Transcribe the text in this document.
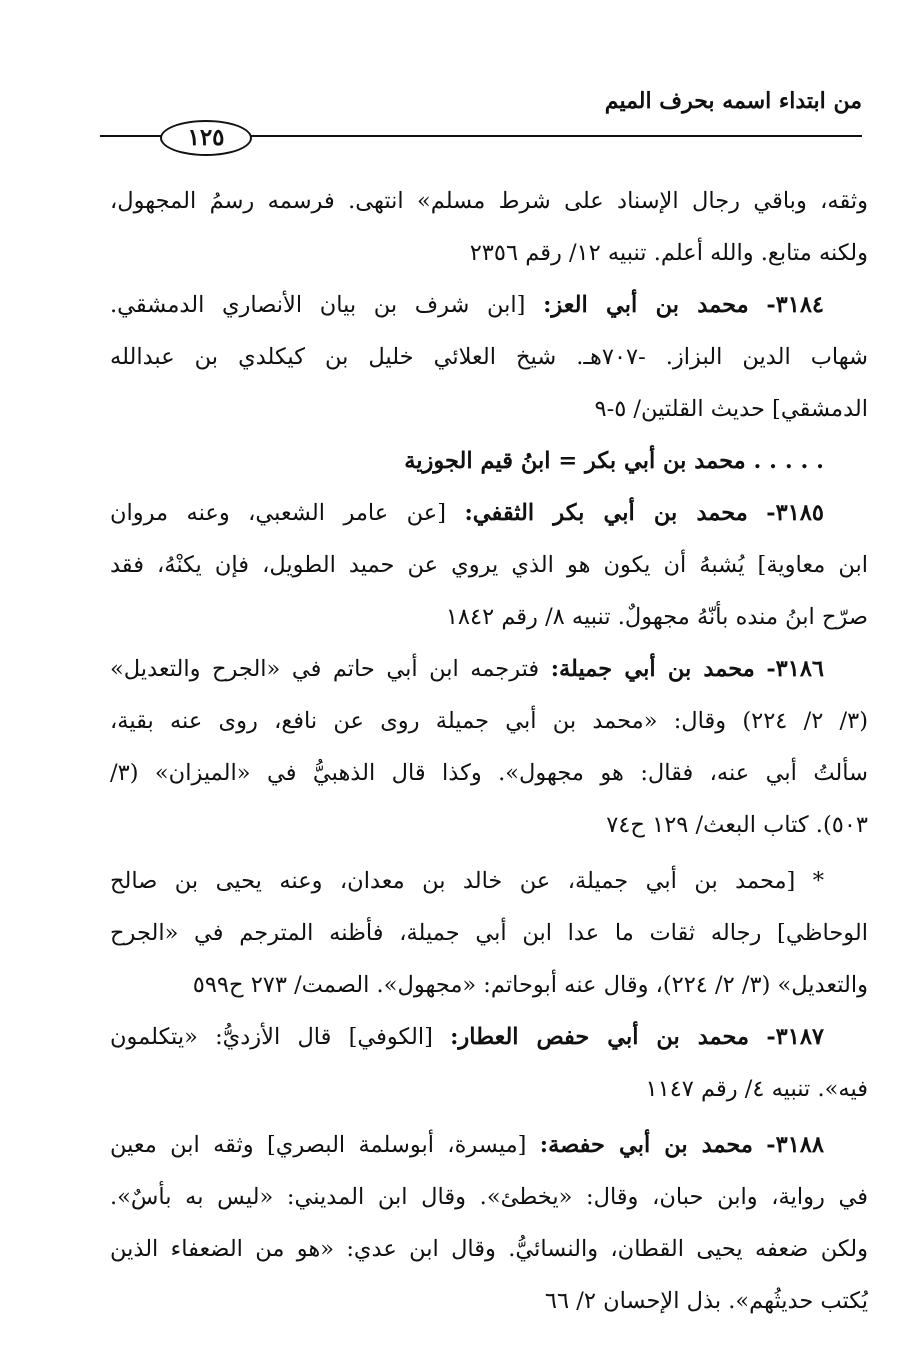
من ابتداء اسمه بحرف الميم
١٢٥
وثقه، وباقي رجال الإسناد على شرط مسلم» انتهى. فرسمه رسمُ المجهول،
ولكنه متابع. والله أعلم. تنبيه ١٢/ رقم ٢٣٥٦
٣١٨٤- محمد بن أبي العز: [ابن شرف بن بيان الأنصاري الدمشقي.
شهاب الدين البزاز. -٧٠٧هـ. شيخ العلائي خليل بن كيكلدي بن عبدالله
الدمشقي] حديث القلتين/ ٥-٩
. . . . . محمد بن أبي بكر = ابنُ قيم الجوزية
٣١٨٥- محمد بن أبي بكر الثقفي: [عن عامر الشعبي، وعنه مروان
ابن معاوية] يُشبهُ أن يكون هو الذي يروي عن حميد الطويل، فإن يكنْهُ، فقد
صرّح ابنُ منده بأنّهُ مجهولٌ. تنبيه ٨/ رقم ١٨٤٢
٣١٨٦- محمد بن أبي جميلة: فترجمه ابن أبي حاتم في «الجرح والتعديل»
(٣/ ٢/ ٢٢٤) وقال: «محمد بن أبي جميلة روى عن نافع، روى عنه بقية،
سألتُ أبي عنه، فقال: هو مجهول». وكذا قال الذهبيُّ في «الميزان» (٣/
٥٠٣). كتاب البعث/ ١٢٩ ح٧٤
* [محمد بن أبي جميلة، عن خالد بن معدان، وعنه يحيى بن صالح
الوحاظي] رجاله ثقات ما عدا ابن أبي جميلة، فأظنه المترجم في «الجرح
والتعديل» (٣/ ٢/ ٢٢٤)، وقال عنه أبوحاتم: «مجهول». الصمت/ ٢٧٣ ح٥٩٩
٣١٨٧- محمد بن أبي حفص العطار: [الكوفي] قال الأزديُّ: «يتكلمون
فيه». تنبيه ٤/ رقم ١١٤٧
٣١٨٨- محمد بن أبي حفصة: [ميسرة، أبوسلمة البصري] وثقه ابن معين
في رواية، وابن حبان، وقال: «يخطئ». وقال ابن المديني: «ليس به بأسٌ».
ولكن ضعفه يحيى القطان، والنسائيُّ. وقال ابن عدي: «هو من الضعفاء الذين
يُكتب حديثُهم». بذل الإحسان ٢/ ٦٦
